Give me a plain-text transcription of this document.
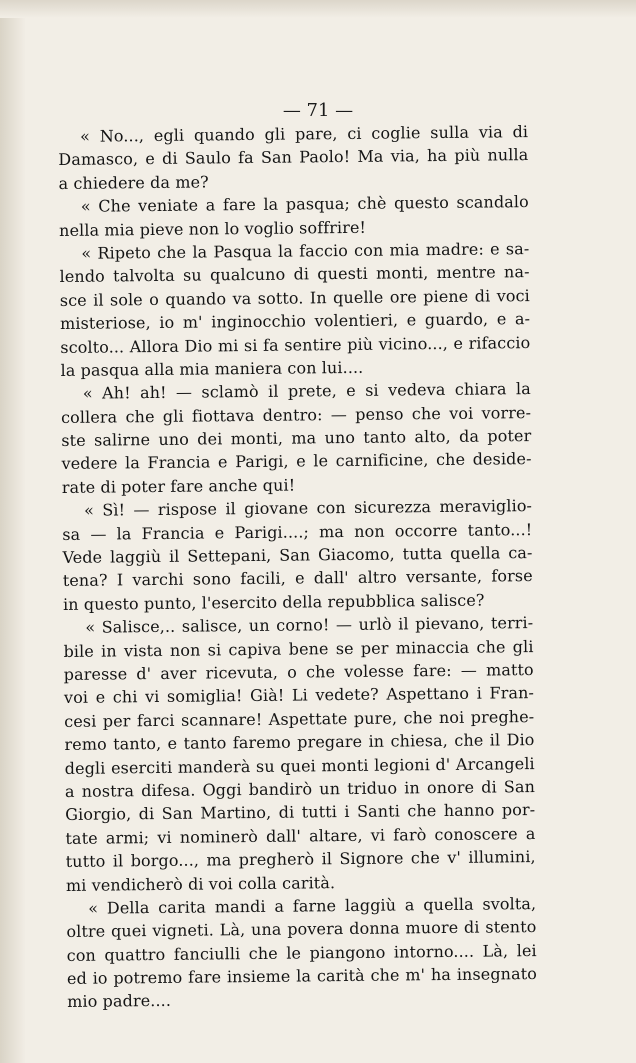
— 71 —
« No..., egli quando gli pare, ci coglie sulla via di
Damasco, e di Saulo fa San Paolo! Ma via, ha più nulla
a chiedere da me?
« Che veniate a fare la pasqua; chè questo scandalo
nella mia pieve non lo voglio soffrire!
« Ripeto che la Pasqua la faccio con mia madre: e sa-
lendo talvolta su qualcuno di questi monti, mentre na-
sce il sole o quando va sotto. In quelle ore piene di voci
misteriose, io m' inginocchio volentieri, e guardo, e a-
scolto... Allora Dio mi si fa sentire più vicino..., e rifaccio
la pasqua alla mia maniera con lui....
« Ah! ah! — sclamò il prete, e si vedeva chiara la
collera che gli fiottava dentro: — penso che voi vorre-
ste salirne uno dei monti, ma uno tanto alto, da poter
vedere la Francia e Parigi, e le carnificine, che deside-
rate di poter fare anche qui!
« Sì! — rispose il giovane con sicurezza meraviglio-
sa — la Francia e Parigi....; ma non occorre tanto...!
Vede laggiù il Settepani, San Giacomo, tutta quella ca-
tena? I varchi sono facili, e dall' altro versante, forse
in questo punto, l'esercito della repubblica salisce?
« Salisce,.. salisce, un corno! — urlò il pievano, terri-
bile in vista non si capiva bene se per minaccia che gli
paresse d' aver ricevuta, o che volesse fare: — matto
voi e chi vi somiglia! Già! Li vedete? Aspettano i Fran-
cesi per farci scannare! Aspettate pure, che noi preghe-
remo tanto, e tanto faremo pregare in chiesa, che il Dio
degli eserciti manderà su quei monti legioni d' Arcangeli
a nostra difesa. Oggi bandirò un triduo in onore di San
Giorgio, di San Martino, di tutti i Santi che hanno por-
tate armi; vi nominerò dall' altare, vi farò conoscere a
tutto il borgo..., ma pregherò il Signore che v' illumini,
mi vendicherò di voi colla carità.
« Della carita mandi a farne laggiù a quella svolta,
oltre quei vigneti. Là, una povera donna muore di stento
con quattro fanciulli che le piangono intorno.... Là, lei
ed io potremo fare insieme la carità che m' ha insegnato
mio padre....
